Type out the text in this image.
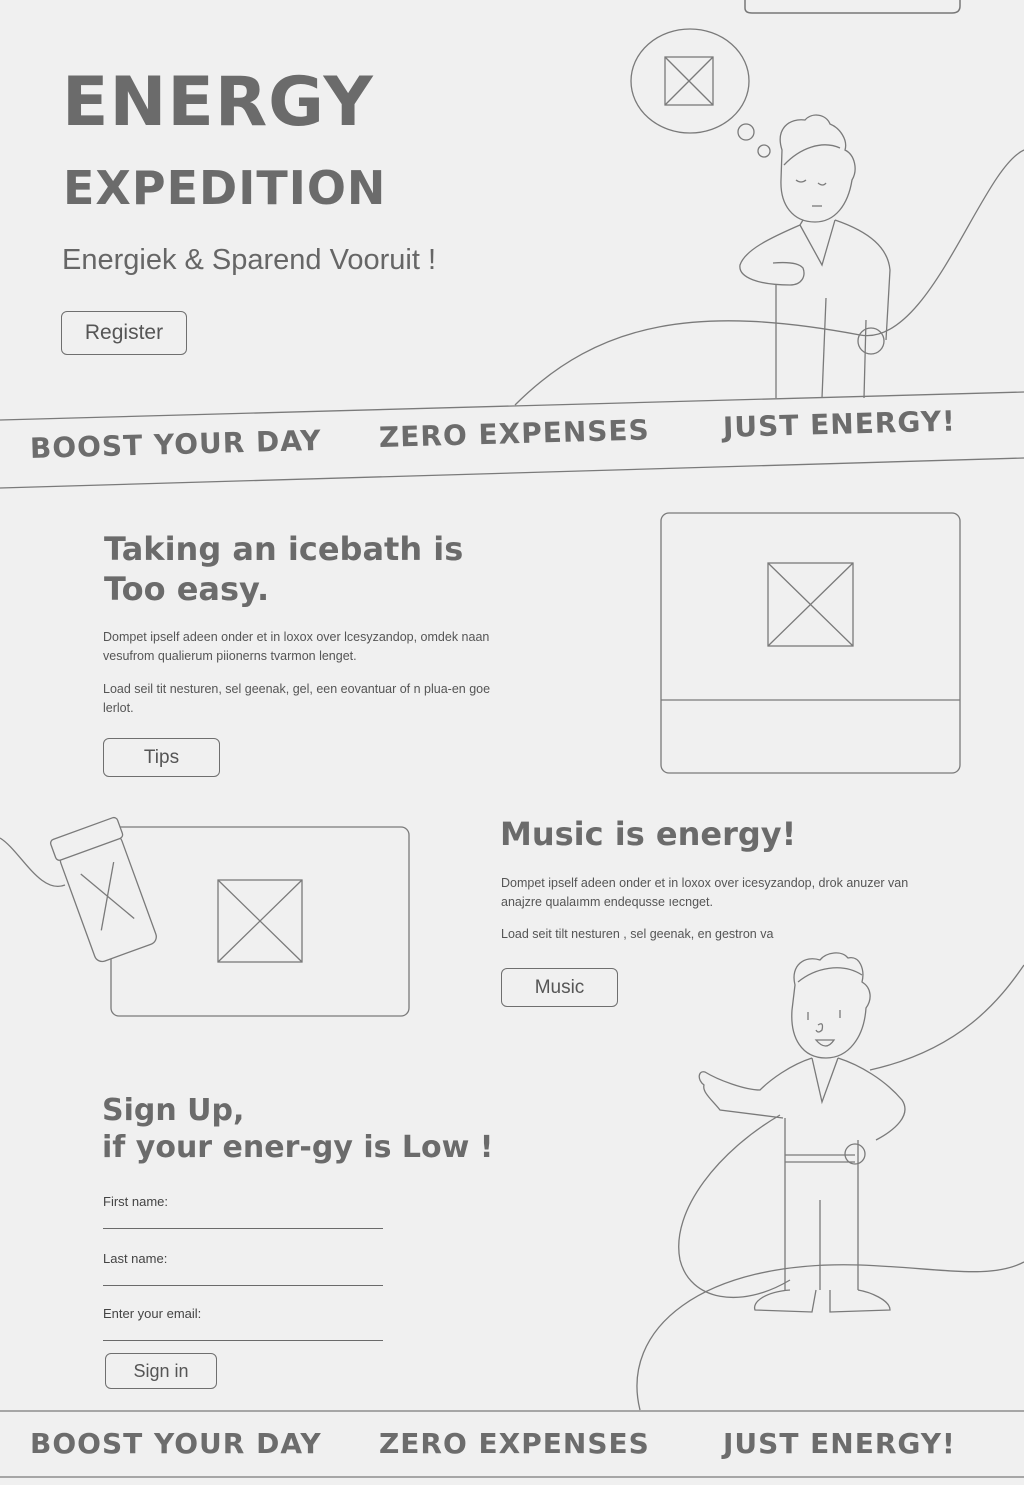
ENERGY
EXPEDITION
Energiek & Sparend Vooruit !
Register
BOOST YOUR DAY ZERO EXPENSES	JUST ENERGY!
Taking an icebath is
Too easy.

Dompet ipself adeen onder et in loxox over lcesyzandop, omdek naan vesufrom qualierum piionerns tvarmon lenget.

Load seil tit nesturen, sel geenak, gel, een eovantuar of n plua-en goe lerlot.

Tips
Music is energy!

Dompet ipself adeen onder et in loxox over icesyzandop, drok anuzer van anajzre qualaımm endequsse ıecnget.

Load seit tilt nesturen , sel geenak, en gestron va

Music
Sign Up,
if your ener-gy is Low !
First name:
Last name:
Enter your email:
Sign in
BOOST YOUR DAY ZERO EXPENSES	JUST ENERGY!
